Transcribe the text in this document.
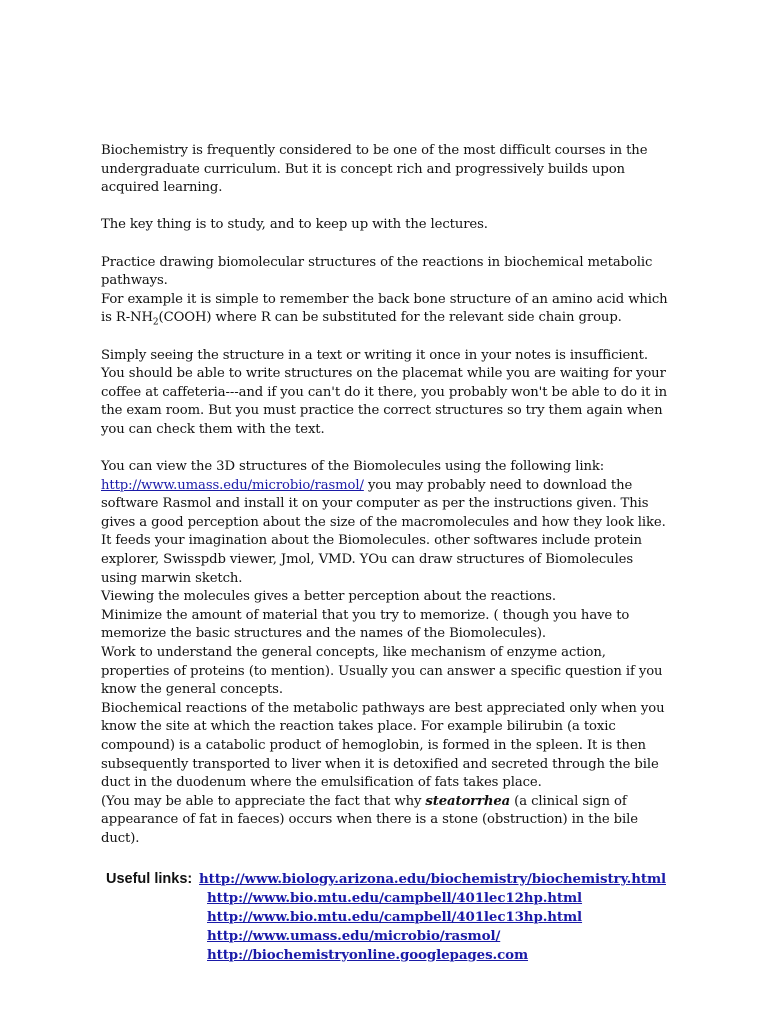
Biochemistry is frequently considered to be one of the most difficult courses in the undergraduate curriculum. But it is concept rich and progressively builds upon acquired learning.

The key thing is to study, and to keep up with the lectures.

Practice drawing biomolecular structures of the reactions in biochemical metabolic pathways.

For example it is simple to remember the back bone structure of an amino acid which is $R-NH_2(COOH)$ where R can be substituted for the relevant side chain group.

Simply seeing the structure in a text or writing it once in your notes is insufficient. You should be able to write structures on the placemat while you are waiting for your coffee at caffeteria---and if you can't do it there, you probably won't be able to do it in the exam room. But you must practice the correct structures so try them again when you can check them with the text.

You can view the 3D structures of the Biomolecules using the following link:
http://www.umass.edu/microbio/rasmol/ you may probably need to download the software Rasmol and install it on your computer as per the instructions given. This gives a good perception about the size of the macromolecules and how they look like. It feeds your imagination about the Biomolecules. other softwares include protein explorer, Swisspdb viewer, Jmol, VMD. YOu can draw structures of Biomolecules using marwin sketch.

Viewing the molecules gives a better perception about the reactions.

Minimize the amount of material that you try to memorize. ( though you have to memorize the basic structures and the names of the Biomolecules).

Work to understand the general concepts, like mechanism of enzyme action, properties of proteins (to mention). Usually you can answer a specific question if you know the general concepts.

Biochemical reactions of the metabolic pathways are best appreciated only when you know the site at which the reaction takes place. For example bilirubin (a toxic compound) is a catabolic product of hemoglobin, is formed in the spleen. It is then subsequently transported to liver when it is detoxified and secreted through the bile duct in the duodenum where the emulsification of fats takes place.

(You may be able to appreciate the fact that why steatorrhea (a clinical sign of appearance of fat in faeces) occurs when there is a stone (obstruction) in the bile duct).

Useful links: http://www.biology.arizona.edu/biochemistry/biochemistry.html
http://www.bio.mtu.edu/campbell/401lec12hp.html
http://www.bio.mtu.edu/campbell/401lec13hp.html
http://www.umass.edu/microbio/rasmol/
http://biochemistryonline.googlepages.com
